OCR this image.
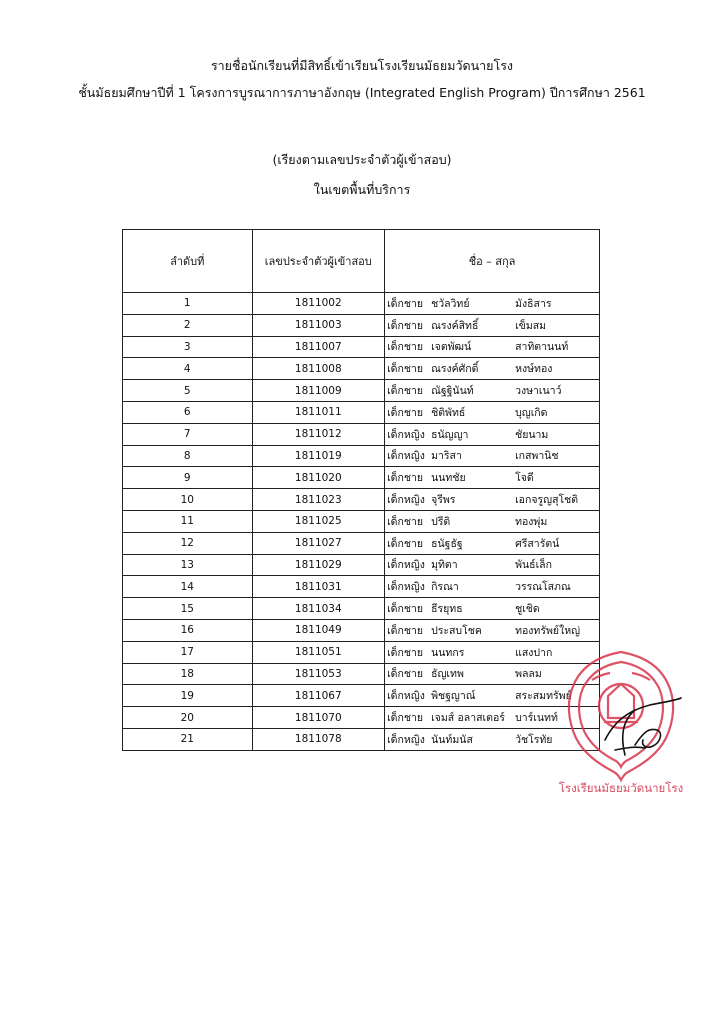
รายชื่อนักเรียนที่มีสิทธิ์เข้าเรียนโรงเรียนมัธยมวัดนายโรง
ชั้นมัธยมศึกษาปีที่ 1 โครงการบูรณาการภาษาอังกฤษ (Integrated English Program) ปีการศึกษา 2561
(เรียงตามเลขประจำตัวผู้เข้าสอบ)
ในเขตพื้นที่บริการ
ลำดับที่	เลขประจำตัวผู้เข้าสอบ	ชื่อ – สกุล
1	1811002	เด็กชาย ชวัลวิทย์ มังธิสาร
2	1811003	เด็กชาย ณรงค์สิทธิ์ เข็มสม
3	1811007	เด็กชาย เจตพัฒน์ สาทิตานนท์
4	1811008	เด็กชาย ณรงค์ศักดิ์ หงษ์ทอง
5	1811009	เด็กชาย ณัฐฐินันท์ วงษาเนาว์
6	1811011	เด็กชาย ชิติพัทธ์ บุญเกิด
7	1811012	เด็กหญิง ธนัญญา ชัยนาม
8	1811019	เด็กหญิง มาริสา เกสพานิช
9	1811020	เด็กชาย นนทชัย โจดี
10	1811023	เด็กหญิง จุรีพร เอกจรูญสุโชติ
11	1811025	เด็กชาย ปรีติ ทองพุ่ม
12	1811027	เด็กชาย ธนัฐธัฐ ศรีสารัตน์
13	1811029	เด็กหญิง มุทิตา พันธ์เล็ก
14	1811031	เด็กหญิง กิรณา วรรณโสภณ
15	1811034	เด็กชาย ธีรยุทธ ชูเชิด
16	1811049	เด็กชาย ประสบโชค ทองทรัพย์ใหญ่
17	1811051	เด็กชาย นนทกร แสงปาก
18	1811053	เด็กชาย ธัญเทพ พลลม
19	1811067	เด็กหญิง พิชฐญาณ์ สระสมทรัพย์
20	1811070	เด็กชาย เจมส์ อลาสเตอร์ บาร์เนทท์
21	1811078	เด็กหญิง นันท์มนัส วัชโรทัย
โรงเรียนมัธยมวัดนายโรง
